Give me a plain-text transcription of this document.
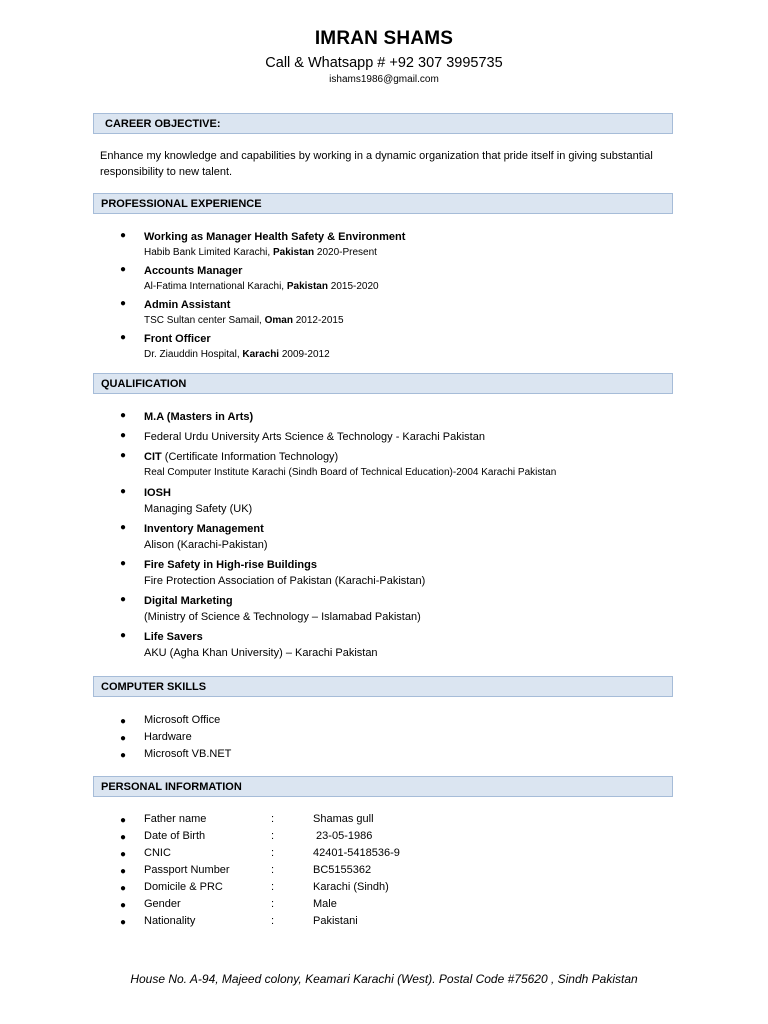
IMRAN SHAMS
Call & Whatsapp # +92 307 3995735
ishams1986@gmail.com
CAREER OBJECTIVE:
Enhance my knowledge and capabilities by working in a dynamic organization that pride itself in giving substantial responsibility to new talent.
PROFESSIONAL EXPERIENCE
● Working as Manager Health Safety & Environment
Habib Bank Limited Karachi, Pakistan 2020-Present
● Accounts Manager
Al-Fatima International Karachi, Pakistan 2015-2020
● Admin Assistant
TSC Sultan center Samail, Oman 2012-2015
● Front Officer
Dr. Ziauddin Hospital, Karachi 2009-2012
QUALIFICATION
● M.A (Masters in Arts)
● Federal Urdu University Arts Science & Technology - Karachi Pakistan
● CIT (Certificate Information Technology)
Real Computer Institute Karachi (Sindh Board of Technical Education)-2004 Karachi Pakistan
● IOSH
Managing Safety (UK)
● Inventory Management
Alison (Karachi-Pakistan)
● Fire Safety in High-rise Buildings
Fire Protection Association of Pakistan (Karachi-Pakistan)
● Digital Marketing
(Ministry of Science & Technology – Islamabad Pakistan)
● Life Savers
AKU (Agha Khan University) – Karachi Pakistan
COMPUTER SKILLS
● Microsoft Office
● Hardware
● Microsoft VB.NET
PERSONAL INFORMATION
● Father name	:	Shamas gull
● Date of Birth	:	23-05-1986
● CNIC	:	42401-5418536-9
● Passport Number	:	BC5155362
● Domicile & PRC	:	Karachi (Sindh)
● Gender	:	Male
● Nationality	:	Pakistani
House No. A-94, Majeed colony, Keamari Karachi (West). Postal Code #75620 , Sindh Pakistan
